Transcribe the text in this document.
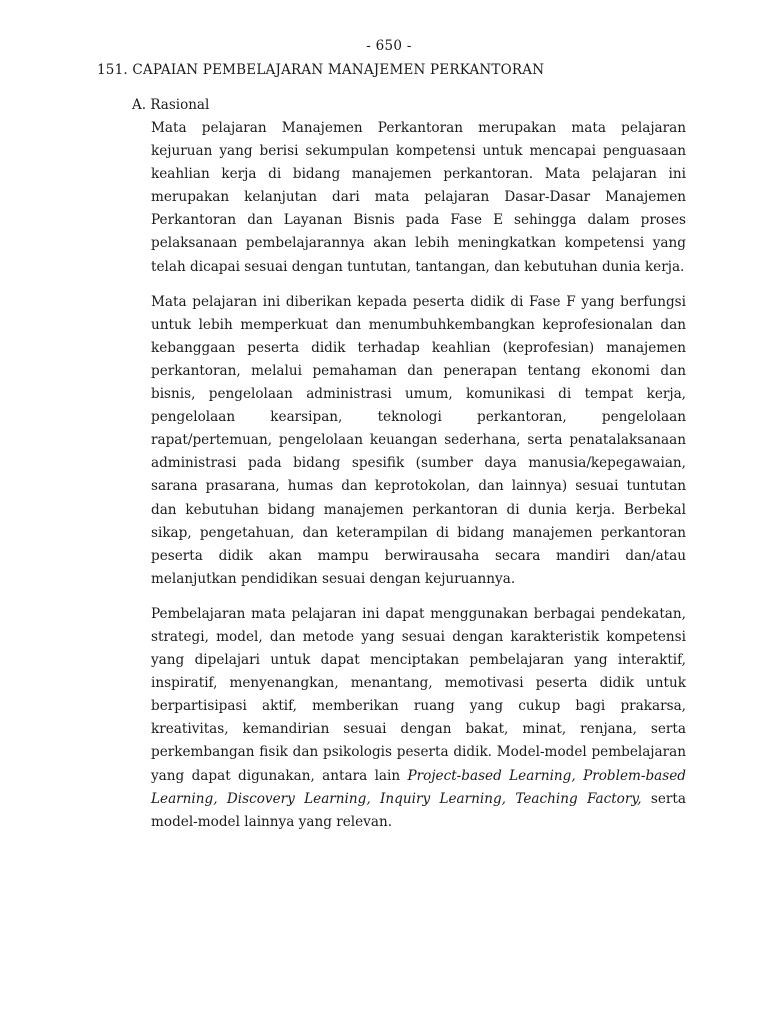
- 650 -
151. CAPAIAN PEMBELAJARAN MANAJEMEN PERKANTORAN
A. Rasional

Mata pelajaran Manajemen Perkantoran merupakan mata pelajaran kejuruan yang berisi sekumpulan kompetensi untuk mencapai penguasaan keahlian kerja di bidang manajemen perkantoran. Mata pelajaran ini merupakan kelanjutan dari mata pelajaran Dasar-Dasar Manajemen Perkantoran dan Layanan Bisnis pada Fase E sehingga dalam proses pelaksanaan pembelajarannya akan lebih meningkatkan kompetensi yang telah dicapai sesuai dengan tuntutan, tantangan, dan kebutuhan dunia kerja.

Mata pelajaran ini diberikan kepada peserta didik di Fase F yang berfungsi untuk lebih memperkuat dan menumbuhkembangkan keprofesionalan dan kebanggaan peserta didik terhadap keahlian (keprofesian) manajemen perkantoran, melalui pemahaman dan penerapan tentang ekonomi dan bisnis, pengelolaan administrasi umum, komunikasi di tempat kerja, pengelolaan kearsipan, teknologi perkantoran, pengelolaan rapat/pertemuan, pengelolaan keuangan sederhana, serta penatalaksanaan administrasi pada bidang spesifik (sumber daya manusia/kepegawaian, sarana prasarana, humas dan keprotokolan, dan lainnya) sesuai tuntutan dan kebutuhan bidang manajemen perkantoran di dunia kerja. Berbekal sikap, pengetahuan, dan keterampilan di bidang manajemen perkantoran peserta didik akan mampu berwirausaha secara mandiri dan/atau melanjutkan pendidikan sesuai dengan kejuruannya.

Pembelajaran mata pelajaran ini dapat menggunakan berbagai pendekatan, strategi, model, dan metode yang sesuai dengan karakteristik kompetensi yang dipelajari untuk dapat menciptakan pembelajaran yang interaktif, inspiratif, menyenangkan, menantang, memotivasi peserta didik untuk berpartisipasi aktif, memberikan ruang yang cukup bagi prakarsa, kreativitas, kemandirian sesuai dengan bakat, minat, renjana, serta perkembangan fisik dan psikologis peserta didik. Model-model pembelajaran yang dapat digunakan, antara lain Project-based Learning, Problem-based Learning, Discovery Learning, Inquiry Learning, Teaching Factory, serta model-model lainnya yang relevan.
